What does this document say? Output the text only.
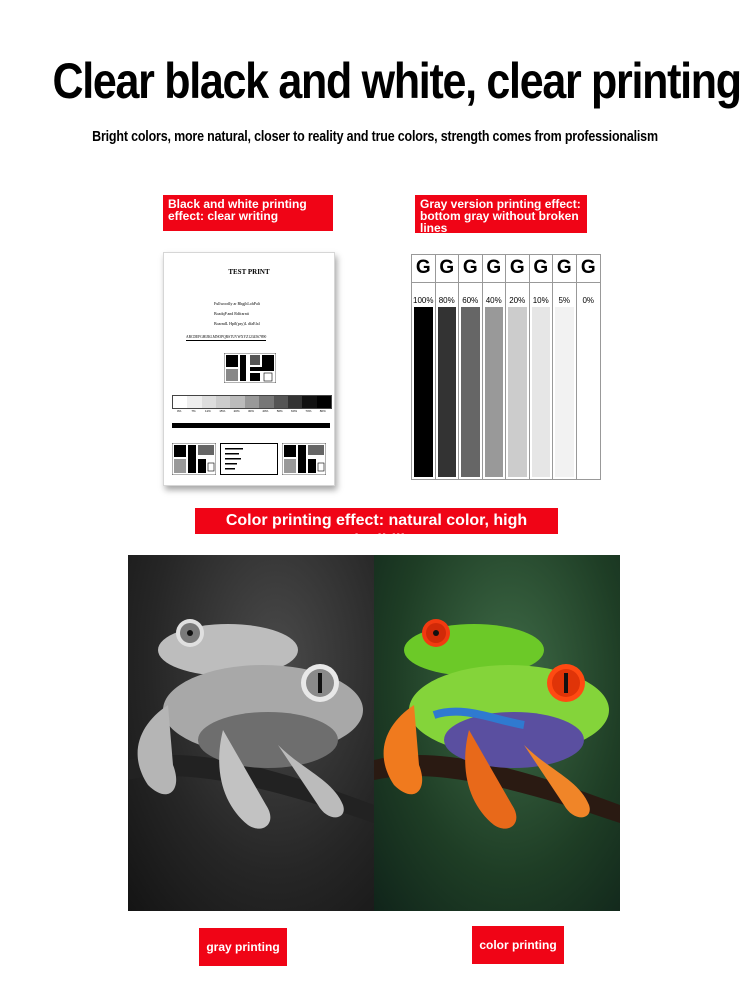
Clear black and white, clear printing
Bright colors, more natural, closer to reality and true colors, strength comes from professionalism
Black and white printing effect: clear writing
Gray version printing effect: bottom gray without broken lines
TEST PRINT
Fullwoodly ar BhgjhLohPalt
BoadqP and Rdfrarnti
BoarndL Hpfl(psy)L dfaEfal
ABCDEFGHIJKLMNOPQRSTUVWXYZ1234567890
0%	7%	11%	15%	20%	30%	40%	50%	60%	70%	80%
G
100%
G
80%
G
60%
G
40%
G
20%
G
10%
G
5%
G
0%
Color printing effect: natural color, high reducibility
gray printing	color printing
